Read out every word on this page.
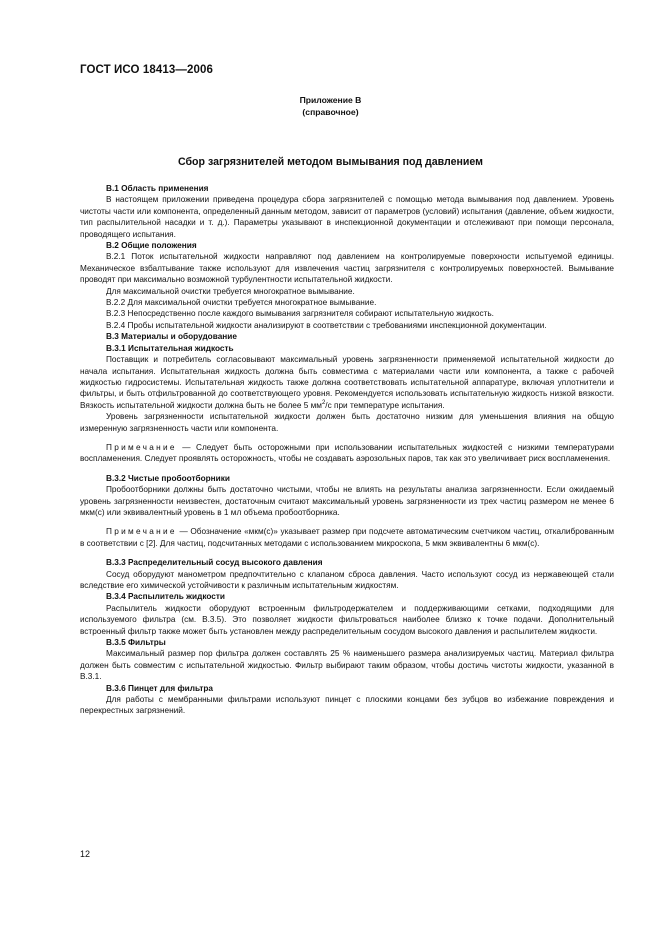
ГОСТ ИСО 18413—2006
Приложение В
(справочное)
Сбор загрязнителей методом вымывания под давлением

В.1 Область применения

В настоящем приложении приведена процедура сбора загрязнителей с помощью метода вымывания под давлением. Уровень чистоты части или компонента, определенный данным методом, зависит от параметров (условий) испытания (давление, объем жидкости, тип распылительной насадки и т. д.). Параметры указывают в инспекционной документации и отслеживают при помощи персонала, проводящего испытания.

В.2 Общие положения

В.2.1 Поток испытательной жидкости направляют под давлением на контролируемые поверхности испытуемой единицы. Механическое взбалтывание также используют для извлечения частиц загрязнителя с контролируемых поверхностей. Вымывание проводят при максимально возможной турбулентности испытательной жидкости.

Для максимальной очистки требуется многократное вымывание.

В.2.2 Для максимальной очистки требуется многократное вымывание.

В.2.3 Непосредственно после каждого вымывания загрязнителя собирают испытательную жидкость.

В.2.4 Пробы испытательной жидкости анализируют в соответствии с требованиями инспекционной документации.

В.3 Материалы и оборудование

В.3.1 Испытательная жидкость

Поставщик и потребитель согласовывают максимальный уровень загрязненности применяемой испытательной жидкости до начала испытания. Испытательная жидкость должна быть совместима с материалами части или компонента, а также с рабочей жидкостью гидросистемы. Испытательная жидкость также должна соответствовать испытательной аппаратуре, включая уплотнители и фильтры, и быть отфильтрованной до соответствующего уровня. Рекомендуется использовать испытательную жидкость низкой вязкости. Вязкость испытательной жидкости должна быть не более 5 $мм^2/с$ при температуре испытания.

Уровень загрязненности испытательной жидкости должен быть достаточно низким для уменьшения влияния на общую измеренную загрязненность части или компонента.

Примечание — Следует быть осторожными при использовании испытательных жидкостей с низкими температурами воспламенения. Следует проявлять осторожность, чтобы не создавать аэрозольных паров, так как это увеличивает риск воспламенения.

В.3.2 Чистые пробоотборники

Пробоотборники должны быть достаточно чистыми, чтобы не влиять на результаты анализа загрязненности. Если ожидаемый уровень загрязненности неизвестен, достаточным считают максимальный уровень загрязненности из трех частиц размером не менее 6 мкм(с) или эквивалентный уровень в 1 мл объема пробоотборника.

Примечание — Обозначение «мкм(с)» указывает размер при подсчете автоматическим счетчиком частиц, откалиброванным в соответствии с [2]. Для частиц, подсчитанных методами с использованием микроскопа, 5 мкм эквивалентны 6 мкм(с).

В.3.3 Распределительный сосуд высокого давления

Сосуд оборудуют манометром предпочтительно с клапаном сброса давления. Часто используют сосуд из нержавеющей стали вследствие его химической устойчивости к различным испытательным жидкостям.

В.3.4 Распылитель жидкости

Распылитель жидкости оборудуют встроенным фильтродержателем и поддерживающими сетками, подходящими для используемого фильтра (см. В.3.5). Это позволяет жидкости фильтроваться наиболее близко к точке подачи. Дополнительный встроенный фильтр также может быть установлен между распределительным сосудом высокого давления и распылителем жидкости.

В.3.5 Фильтры

Максимальный размер пор фильтра должен составлять 25 % наименьшего размера анализируемых частиц. Материал фильтра должен быть совместим с испытательной жидкостью. Фильтр выбирают таким образом, чтобы достичь чистоты жидкости, указанной в В.3.1.

В.3.6 Пинцет для фильтра

Для работы с мембранными фильтрами используют пинцет с плоскими концами без зубцов во избежание повреждения и перекрестных загрязнений.

12
